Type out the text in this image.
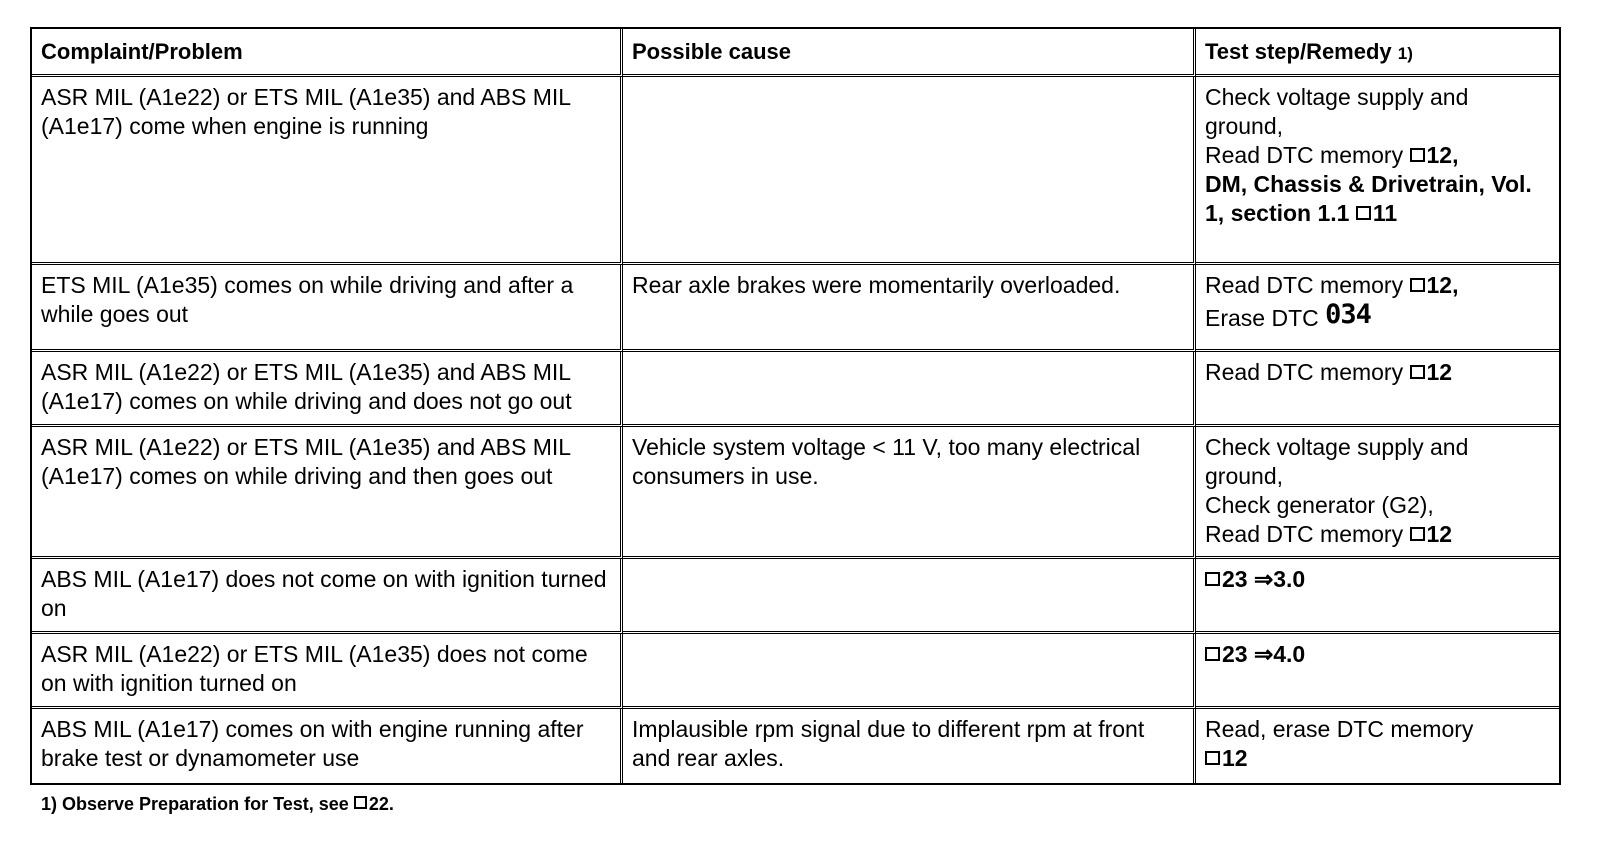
Complaint/Problem	Possible cause	Test step/Remedy 1)
ASR MIL (A1e22) or ETS MIL (A1e35) and ABS MIL (A1e17) come when engine is running		Check voltage supply and ground,
Read DTC memory 12,
DM, Chassis & Drivetrain, Vol. 1, section 1.1 11
ETS MIL (A1e35) comes on while driving and after a while goes out	Rear axle brakes were momentarily overloaded.	Read DTC memory 12,
Erase DTC 034
ASR MIL (A1e22) or ETS MIL (A1e35) and ABS MIL (A1e17) comes on while driving and does not go out		Read DTC memory 12
ASR MIL (A1e22) or ETS MIL (A1e35) and ABS MIL (A1e17) comes on while driving and then goes out	Vehicle system voltage < 11 V, too many electrical consumers in use.	Check voltage supply and ground,
Check generator (G2),
Read DTC memory 12
ABS MIL (A1e17) does not come on with ignition turned on		23 ⇒3.0
ASR MIL (A1e22) or ETS MIL (A1e35) does not come on with ignition turned on		23 ⇒4.0
ABS MIL (A1e17) comes on with engine running after brake test or dynamometer use	Implausible rpm signal due to different rpm at front and rear axles.	Read, erase DTC memory
12
1) Observe Preparation for Test, see 22.
